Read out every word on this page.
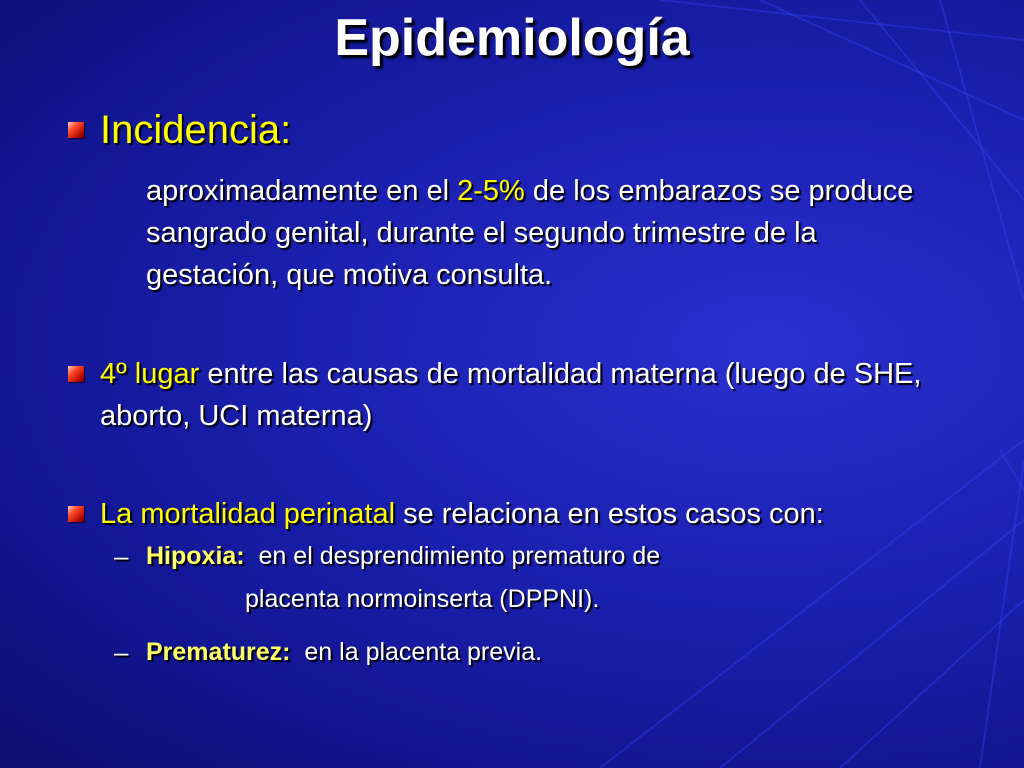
Epidemiología
Incidencia:
aproximadamente en el 2-5% de los embarazos se produce sangrado genital, durante el segundo trimestre de la gestación, que motiva consulta.
4º lugar entre las causas de mortalidad materna (luego de SHE, aborto, UCI materna)
La mortalidad perinatal se relaciona en estos casos con:
– Hipoxia: en el desprendimiento prematuro de
placenta normoinserta (DPPNI).
– Prematurez: en la placenta previa.
